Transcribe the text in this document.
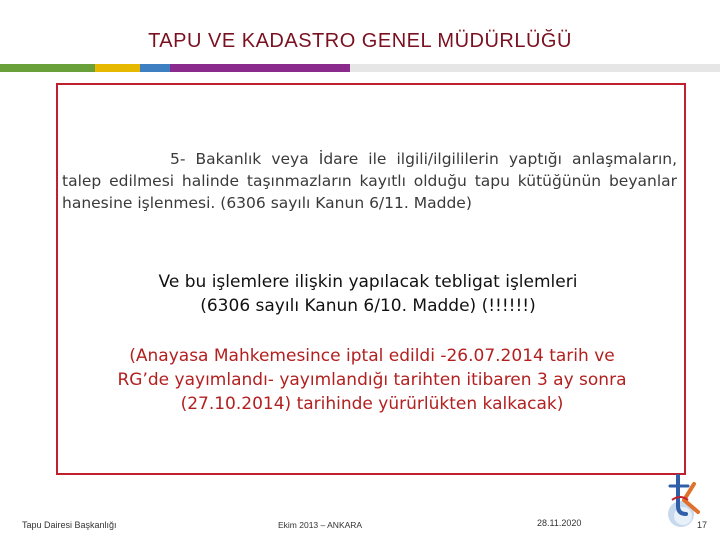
TAPU VE KADASTRO GENEL MÜDÜRLÜĞÜ
5- Bakanlık veya İdare ile ilgili/ilgililerin yaptığı anlaşmaların, talep edilmesi halinde taşınmazların kayıtlı olduğu tapu kütüğünün beyanlar hanesine işlenmesi. (6306 sayılı Kanun 6/11. Madde)
Ve bu işlemlere ilişkin yapılacak tebligat işlemleri
(6306 sayılı Kanun 6/10. Madde) (!!!!!!)
(Anayasa Mahkemesince iptal edildi -26.07.2014 tarih ve
RG’de yayımlandı- yayımlandığı tarihten itibaren 3 ay sonra
(27.10.2014) tarihinde yürürlükten kalkacak)
Tapu Dairesi Başkanlığı	Ekim 2013 – ANKARA	28.11.2020	17
